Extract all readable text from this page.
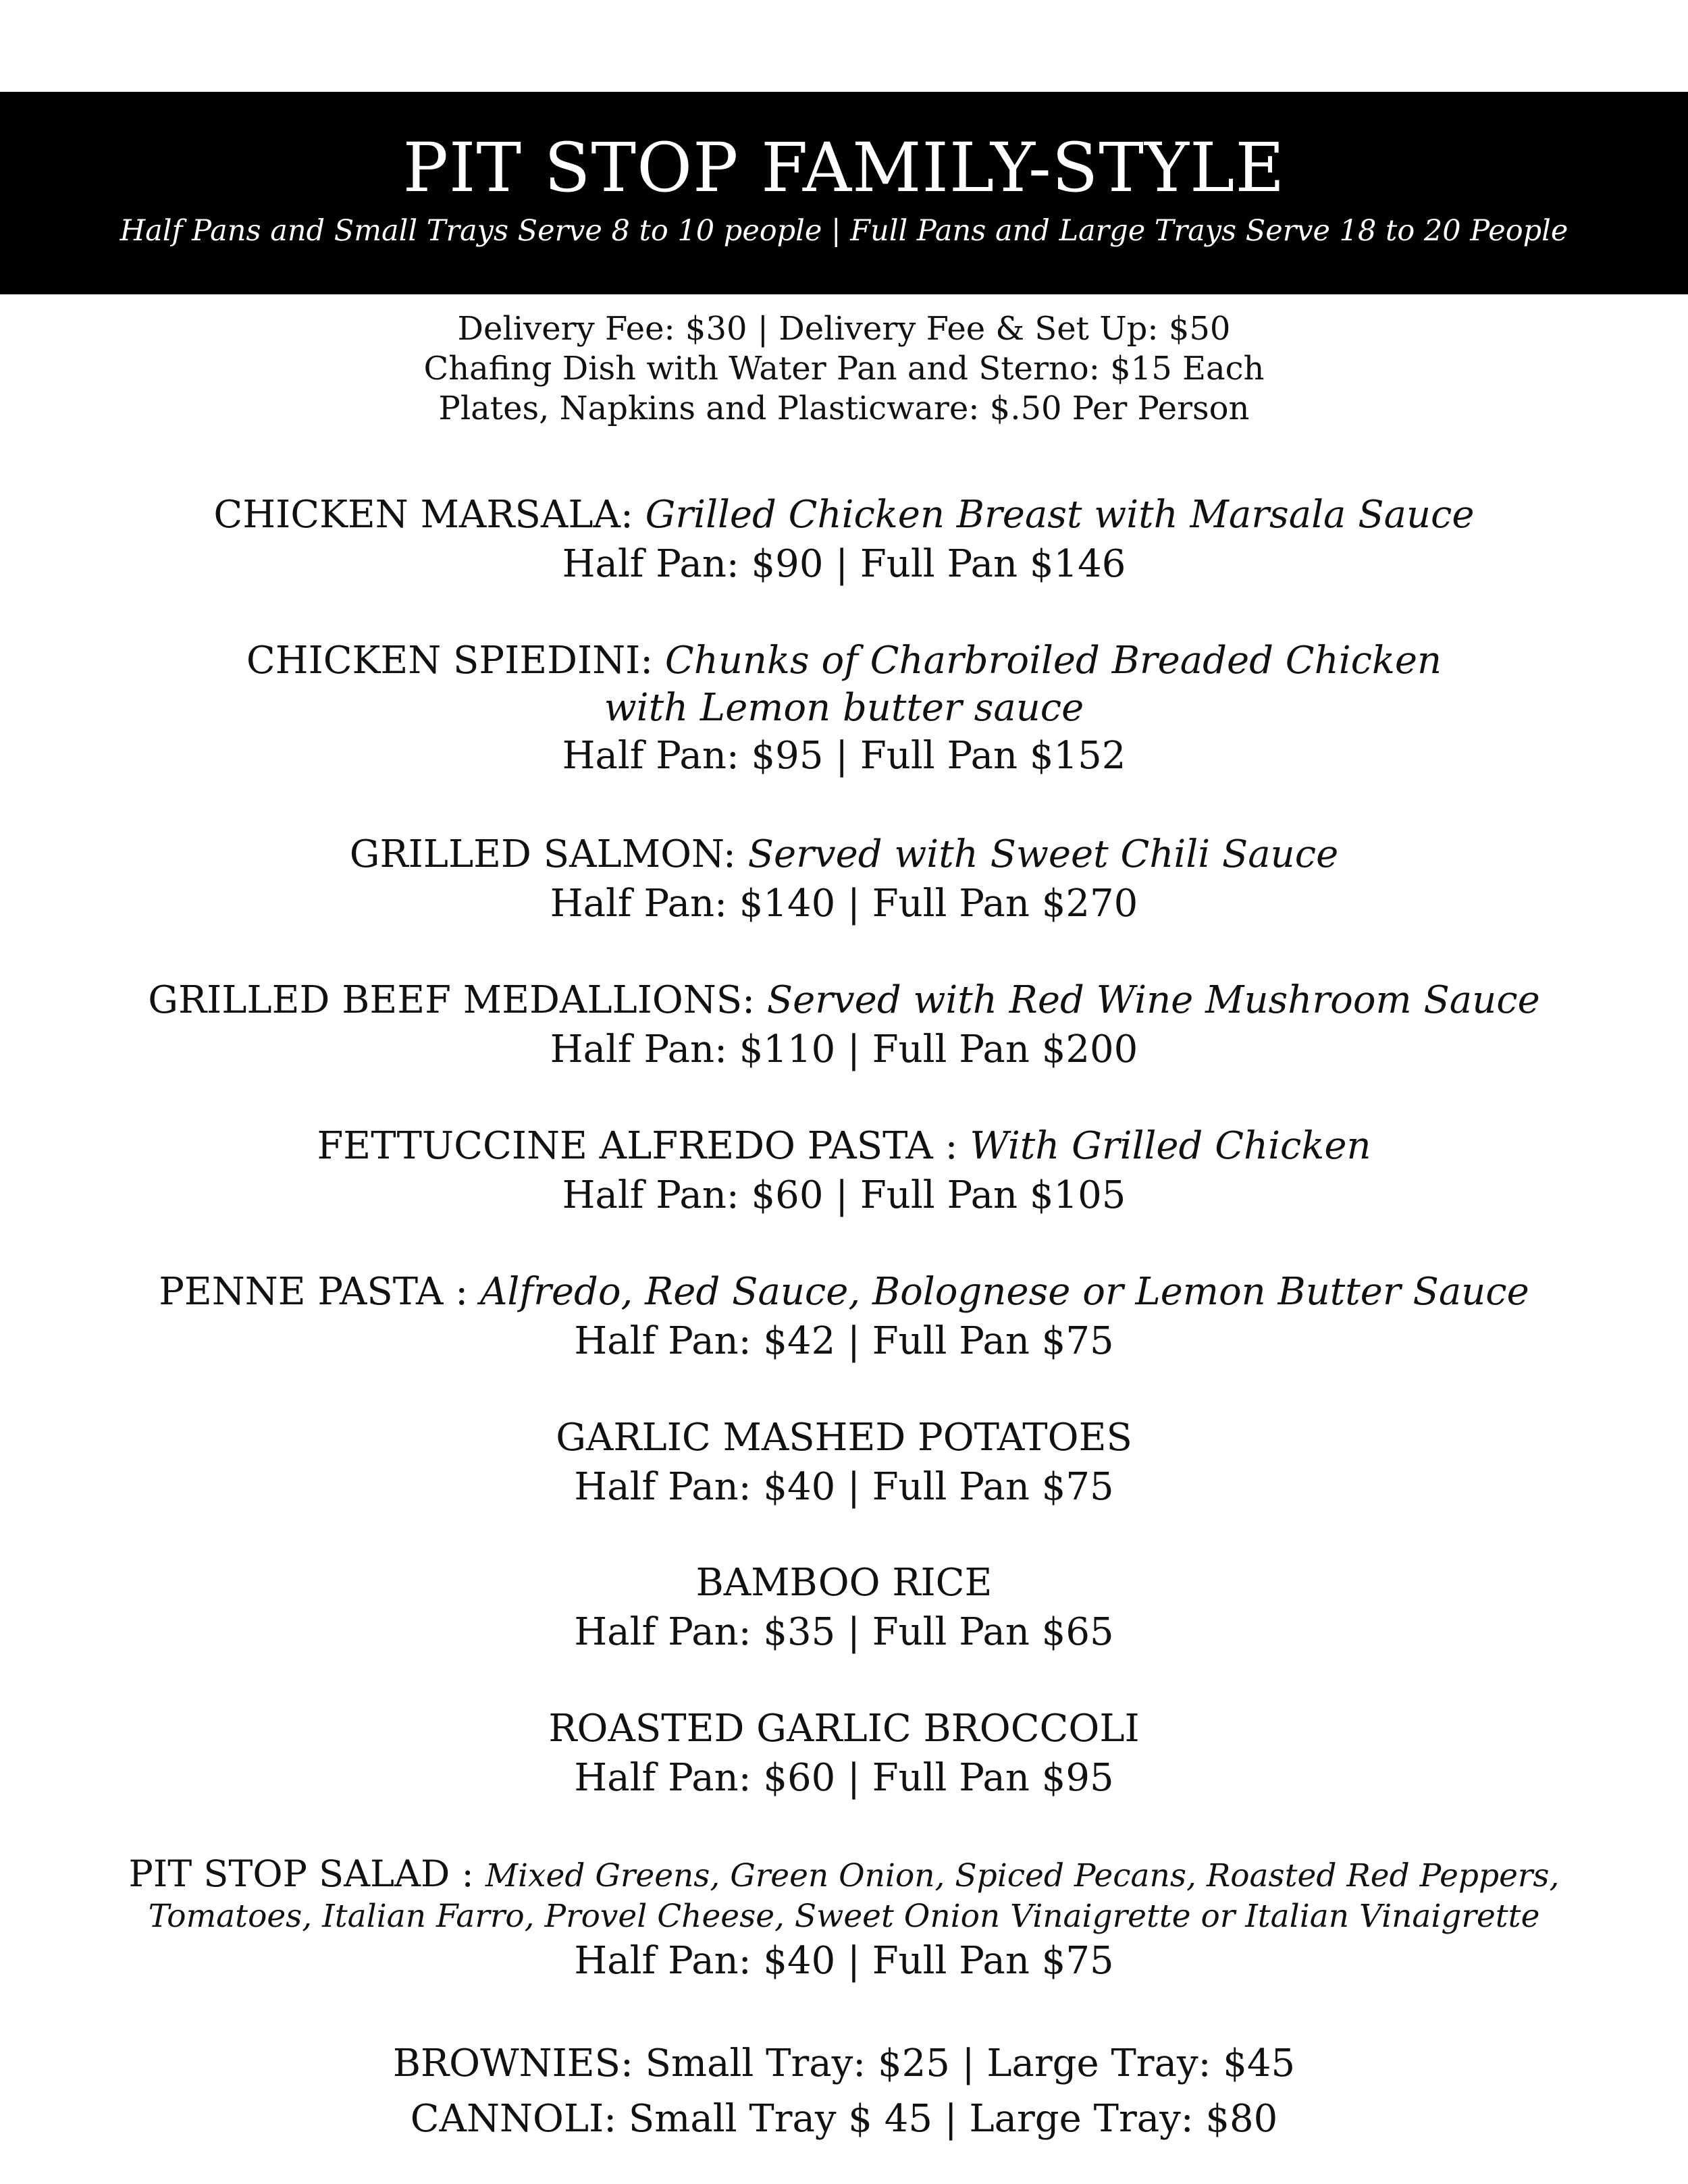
PIT STOP FAMILY-STYLE
Half Pans and Small Trays Serve 8 to 10 people | Full Pans and Large Trays Serve 18 to 20 People
Delivery Fee: $30 | Delivery Fee & Set Up: $50
Chafing Dish with Water Pan and Sterno: $15 Each
Plates, Napkins and Plasticware: $.50 Per Person
CHICKEN MARSALA: Grilled Chicken Breast with Marsala Sauce
Half Pan: $90 | Full Pan $146
CHICKEN SPIEDINI: Chunks of Charbroiled Breaded Chicken
with Lemon butter sauce
Half Pan: $95 | Full Pan $152
GRILLED SALMON: Served with Sweet Chili Sauce
Half Pan: $140 | Full Pan $270
GRILLED BEEF MEDALLIONS: Served with Red Wine Mushroom Sauce
Half Pan: $110 | Full Pan $200
FETTUCCINE ALFREDO PASTA : With Grilled Chicken
Half Pan: $60 | Full Pan $105
PENNE PASTA : Alfredo, Red Sauce, Bolognese or Lemon Butter Sauce
Half Pan: $42 | Full Pan $75
GARLIC MASHED POTATOES
Half Pan: $40 | Full Pan $75
BAMBOO RICE
Half Pan: $35 | Full Pan $65
ROASTED GARLIC BROCCOLI
Half Pan: $60 | Full Pan $95
PIT STOP SALAD : Mixed Greens, Green Onion, Spiced Pecans, Roasted Red Peppers,
Tomatoes, Italian Farro, Provel Cheese, Sweet Onion Vinaigrette or Italian Vinaigrette
Half Pan: $40 | Full Pan $75
BROWNIES: Small Tray: $25 | Large Tray: $45
CANNOLI: Small Tray $ 45 | Large Tray: $80
